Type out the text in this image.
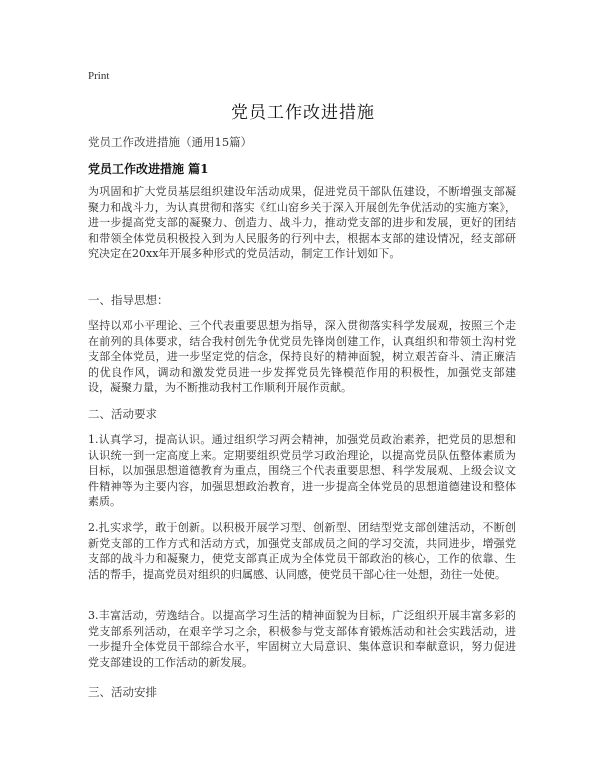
Print
党员工作改进措施
党员工作改进措施（通用15篇）
党员工作改进措施 篇1

为巩固和扩大党员基层组织建设年活动成果，促进党员干部队伍建设，不断增强支部凝聚力和战斗力，为认真贯彻和落实《红山窑乡关于深入开展创先争优活动的实施方案》，进一步提高党支部的凝聚力、创造力、战斗力，推动党支部的进步和发展，更好的团结和带领全体党员积极投入到为人民服务的行列中去，根据本支部的建设情况，经支部研究决定在20xx年开展多种形式的党员活动，制定工作计划如下。

一、指导思想：

坚持以邓小平理论、三个代表重要思想为指导，深入贯彻落实科学发展观，按照三个走在前列的具体要求，结合我村创先争优党员先锋岗创建工作，认真组织和带领土沟村党支部全体党员，进一步坚定党的信念，保持良好的精神面貌，树立艰苦奋斗、清正廉洁的优良作风，调动和激发党员进一步发挥党员先锋模范作用的积极性，加强党支部建设，凝聚力量，为不断推动我村工作顺利开展作贡献。

二、活动要求

1.认真学习，提高认识。通过组织学习两会精神，加强党员政治素养，把党员的思想和认识统一到一定高度上来。定期要组织党员学习政治理论，以提高党员队伍整体素质为目标，以加强思想道德教育为重点，围绕三个代表重要思想、科学发展观、上级会议文件精神等为主要内容，加强思想政治教育，进一步提高全体党员的思想道德建设和整体素质。

2.扎实求学，敢于创新。以积极开展学习型、创新型、团结型党支部创建活动，不断创新党支部的工作方式和活动方式，加强党支部成员之间的学习交流，共同进步，增强党支部的战斗力和凝聚力，使党支部真正成为全体党员干部政治的核心，工作的依靠、生活的帮手，提高党员对组织的归属感、认同感，使党员干部心往一处想，劲往一处使。

3.丰富活动，劳逸结合。以提高学习生活的精神面貌为目标，广泛组织开展丰富多彩的党支部系列活动，在艰辛学习之余，积极参与党支部体育锻炼活动和社会实践活动，进一步提升全体党员干部综合水平，牢固树立大局意识、集体意识和奉献意识，努力促进党支部建设的工作活动的新发展。

三、活动安排
